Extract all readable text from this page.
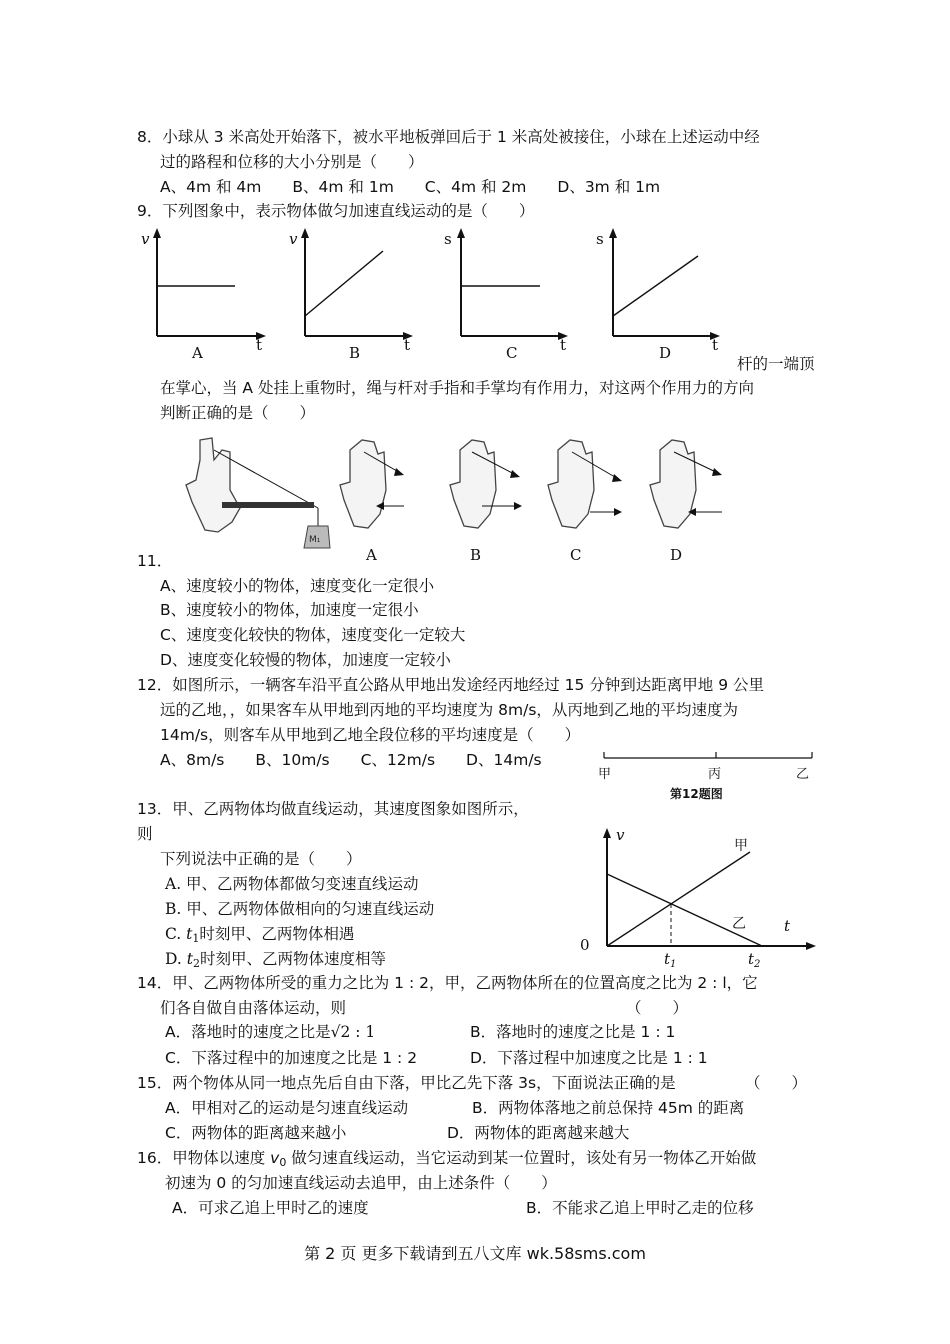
8．小球从 3 米高处开始落下，被水平地板弹回后于 1 米高处被接住，小球在上述运动中经
过的路程和位移的大小分别是（　　）
A、4m 和 4m　　B、4m 和 1m　　C、4m 和 2m　　D、3m 和 1m
9．下列图象中，表示物体做匀加速直线运动的是（　　）
v
t
A
v
t
B
s
t
C
s
t
D
杆的一端顶
在掌心，当 A 处挂上重物时，绳与杆对手指和手掌均有作用力，对这两个作用力的方向
判断正确的是（　　）
M₁
A	B	C	D
11．
A、速度较小的物体，速度变化一定很小
B、速度较小的物体，加速度一定很小
C、速度变化较快的物体，速度变化一定较大
D、速度变化较慢的物体，加速度一定较小
12．如图所示，一辆客车沿平直公路从甲地出发途经丙地经过 15 分钟到达距离甲地 9 公里
远的乙地，，如果客车从甲地到丙地的平均速度为 8m/s，从丙地到乙地的平均速度为
14m/s，则客车从甲地到乙地全段位移的平均速度是（　　）
A、8m/s　　B、10m/s　　C、12m/s　　D、14m/s
甲	丙	乙
第12题图
13．甲、乙两物体均做直线运动，其速度图象如图所示，
则
下列说法中正确的是（　　）
A. 甲、乙两物体都做匀变速直线运动
B. 甲、乙两物体做相向的匀速直线运动
C. $t_1$时刻甲、乙两物体相遇
D. $t_2$时刻甲、乙两物体速度相等
v
t
0
甲
乙
$t_1$	$t_2$
14．甲、乙两物体所受的重力之比为 1 : 2，甲，乙两物体所在的位置高度之比为 2 : l，它
们各自做自由落体运动，则	（　　）
A．落地时的速度之比是√2 : 1	B．落地时的速度之比是 1 : 1
C．下落过程中的加速度之比是 1 : 2	D．下落过程中加速度之比是 1 : 1
15．两个物体从同一地点先后自由下落，甲比乙先下落 3s，下面说法正确的是	（　　）
A．甲相对乙的运动是匀速直线运动	B．两物体落地之前总保持 45m 的距离
C．两物体的距离越来越小	D．两物体的距离越来越大
16．甲物体以速度 $v_0$ 做匀速直线运动，当它运动到某一位置时，该处有另一物体乙开始做
初速为 0 的匀加速直线运动去追甲，由上述条件（　　）
A．可求乙追上甲时乙的速度	B．不能求乙追上甲时乙走的位移
第 2 页 更多下载请到五八文库 wk.58sms.com
